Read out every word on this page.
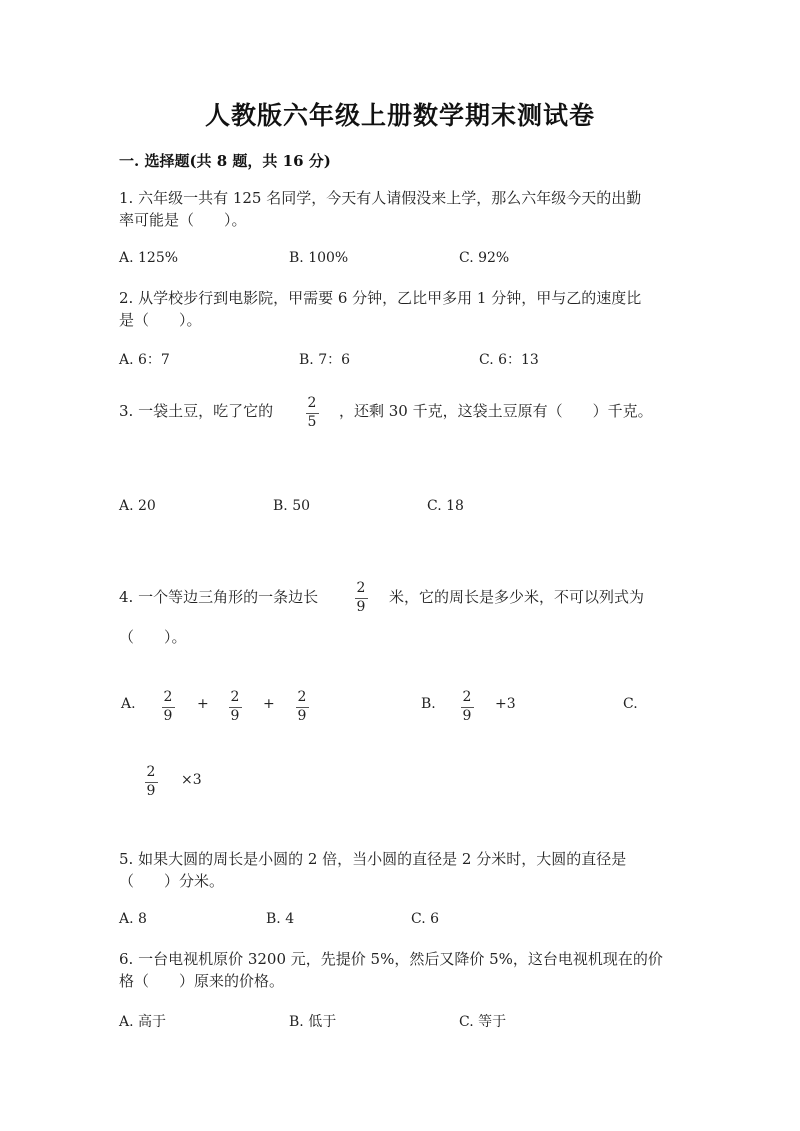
人教版六年级上册数学期末测试卷
一. 选择题(共 8 题，共 16 分)
1. 六年级一共有 125 名同学，今天有人请假没来上学，那么六年级今天的出勤
率可能是（　　）。
A. 125%	B. 100%	C. 92%
2. 从学校步行到电影院，甲需要 6 分钟，乙比甲多用 1 分钟，甲与乙的速度比
是（　　）。
A. 6：7	B. 7：6	C. 6：13
3. 一袋土豆，吃了它的 2
5
，还剩 30 千克，这袋土豆原有（　　）千克。
A. 20	B. 50	C. 18
4. 一个等边三角形的一条边长	2
9
米，它的周长是多少米，不可以列式为
（　　）。
A. 2
9
+ 2
9
+ 2
9
B. 2
9
+3	C.
2
9
×3
5. 如果大圆的周长是小圆的 2 倍，当小圆的直径是 2 分米时，大圆的直径是
（　　）分米。
A. 8	B. 4	C. 6
6. 一台电视机原价 3200 元，先提价 5%，然后又降价 5%，这台电视机现在的价
格（　　）原来的价格。
A. 高于	B. 低于	C. 等于
